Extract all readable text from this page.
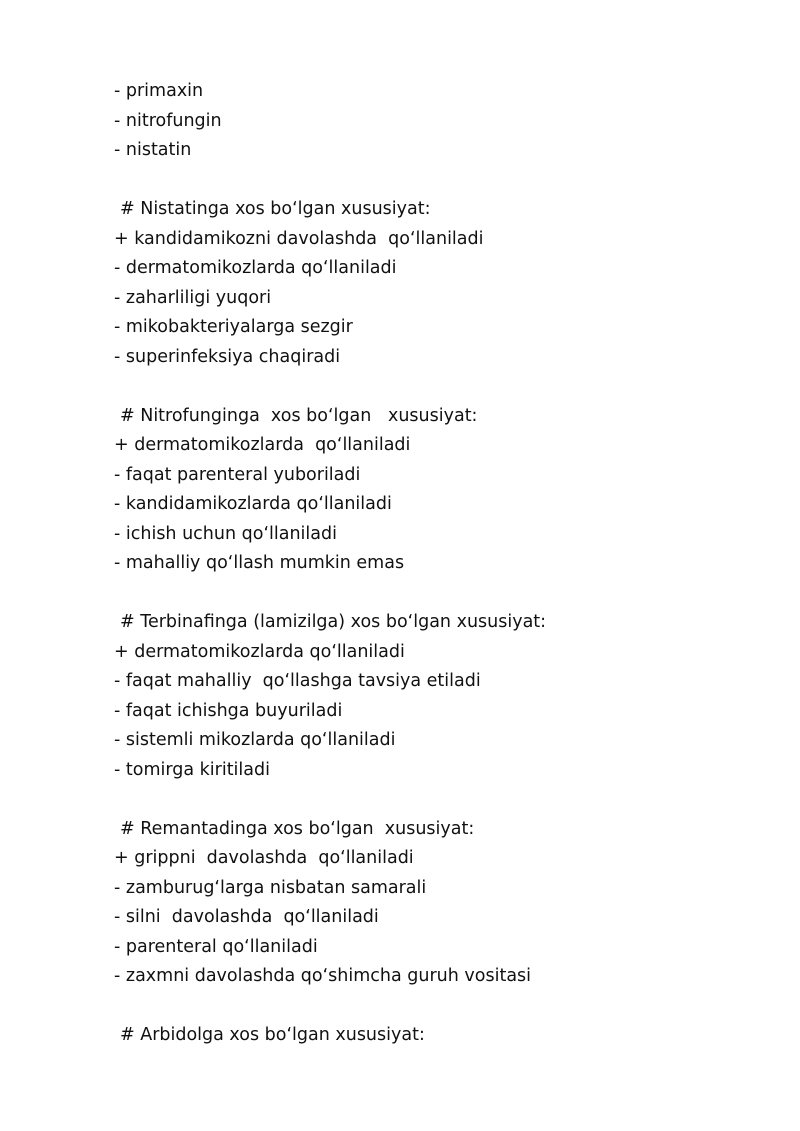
- primaxin
- nitrofungin
- nistatin
# Nistatinga xos bo‘lgan xususiyat:
+ kandidamikozni davolashda  qo‘llaniladi
- dermatomikozlarda qo‘llaniladi
- zaharliligi yuqori
- mikobakteriyalarga sezgir
- superinfeksiya chaqiradi
# Nitrofunginga  xos bo‘lgan   xususiyat:
+ dermatomikozlarda  qo‘llaniladi
- faqat parenteral yuboriladi
- kandidamikozlarda qo‘llaniladi
- ichish uchun qo‘llaniladi
- mahalliy qo‘llash mumkin emas
# Terbinafinga (lamizilga) xos bo‘lgan xususiyat:
+ dermatomikozlarda qo‘llaniladi
- faqat mahalliy  qo‘llashga tavsiya etiladi
- faqat ichishga buyuriladi
- sistemli mikozlarda qo‘llaniladi
- tomirga kiritiladi
# Remantadinga xos bo‘lgan  xususiyat:
+ grippni  davolashda  qo‘llaniladi
- zamburug‘larga nisbatan samarali
- silni  davolashda  qo‘llaniladi
- parenteral qo‘llaniladi
- zaxmni davolashda qo‘shimcha guruh vositasi
# Arbidolga xos bo‘lgan xususiyat:
